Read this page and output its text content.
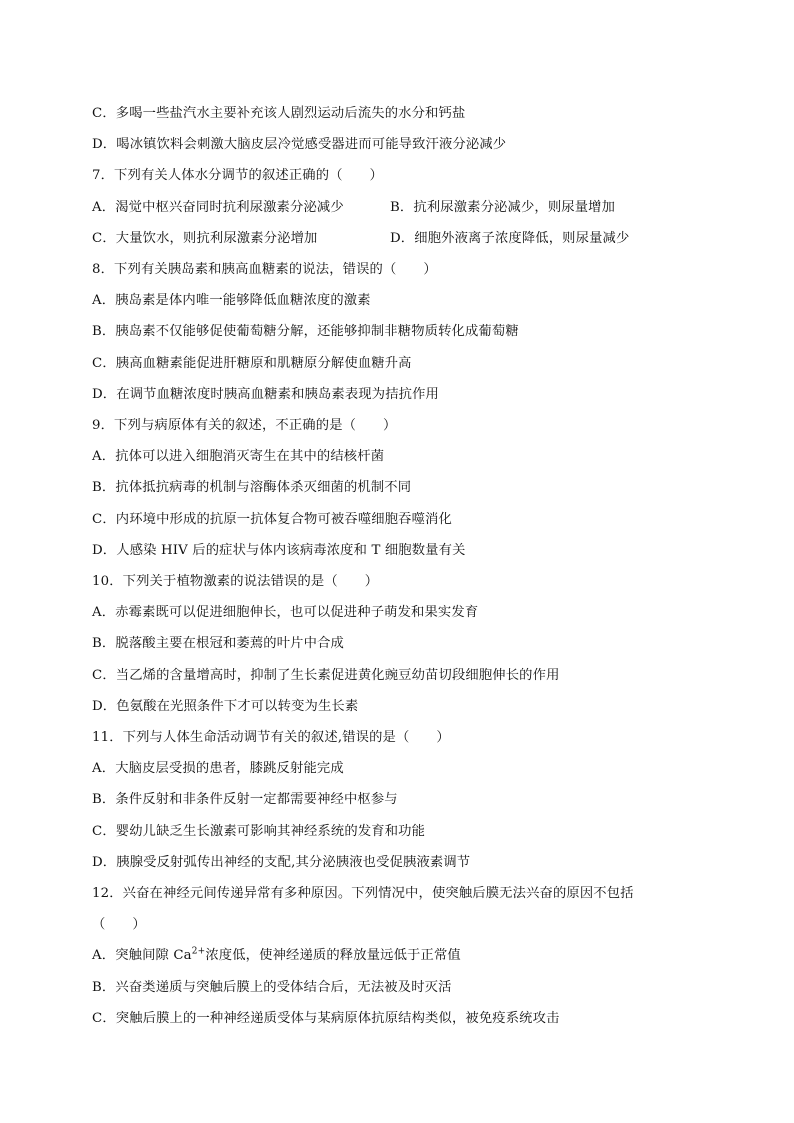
C．多喝一些盐汽水主要补充该人剧烈运动后流失的水分和钙盐
D．喝冰镇饮料会刺激大脑皮层冷觉感受器进而可能导致汗液分泌减少
7．下列有关人体水分调节的叙述正确的（　　）
A．渴觉中枢兴奋同时抗利尿激素分泌减少	B．抗利尿激素分泌减少，则尿量增加
C．大量饮水，则抗利尿激素分泌增加	D．细胞外液离子浓度降低，则尿量减少
8．下列有关胰岛素和胰高血糖素的说法，错误的（　　）
A．胰岛素是体内唯一能够降低血糖浓度的激素
B．胰岛素不仅能够促使葡萄糖分解，还能够抑制非糖物质转化成葡萄糖
C．胰高血糖素能促进肝糖原和肌糖原分解使血糖升高
D．在调节血糖浓度时胰高血糖素和胰岛素表现为拮抗作用
9．下列与病原体有关的叙述，不正确的是（　　）
A．抗体可以进入细胞消灭寄生在其中的结核杆菌
B．抗体抵抗病毒的机制与溶酶体杀灭细菌的机制不同
C．内环境中形成的抗原一抗体复合物可被吞噬细胞吞噬消化
D．人感染 HIV 后的症状与体内该病毒浓度和 T 细胞数量有关
10．下列关于植物激素的说法错误的是（　　）
A．赤霉素既可以促进细胞伸长，也可以促进种子萌发和果实发育
B．脱落酸主要在根冠和萎蔫的叶片中合成
C．当乙烯的含量增高时，抑制了生长素促进黄化豌豆幼苗切段细胞伸长的作用
D．色氨酸在光照条件下才可以转变为生长素
11．下列与人体生命活动调节有关的叙述,错误的是（　　）
A．大脑皮层受损的患者，膝跳反射能完成
B．条件反射和非条件反射一定都需要神经中枢参与
C．婴幼儿缺乏生长激素可影响其神经系统的发育和功能
D．胰腺受反射弧传出神经的支配,其分泌胰液也受促胰液素调节
12．兴奋在神经元间传递异常有多种原因。下列情况中，使突触后膜无法兴奋的原因不包括
（　　）
A．突触间隙 $Ca^{2+}$浓度低，使神经递质的释放量远低于正常值
B．兴奋类递质与突触后膜上的受体结合后，无法被及时灭活
C．突触后膜上的一种神经递质受体与某病原体抗原结构类似，被免疫系统攻击
